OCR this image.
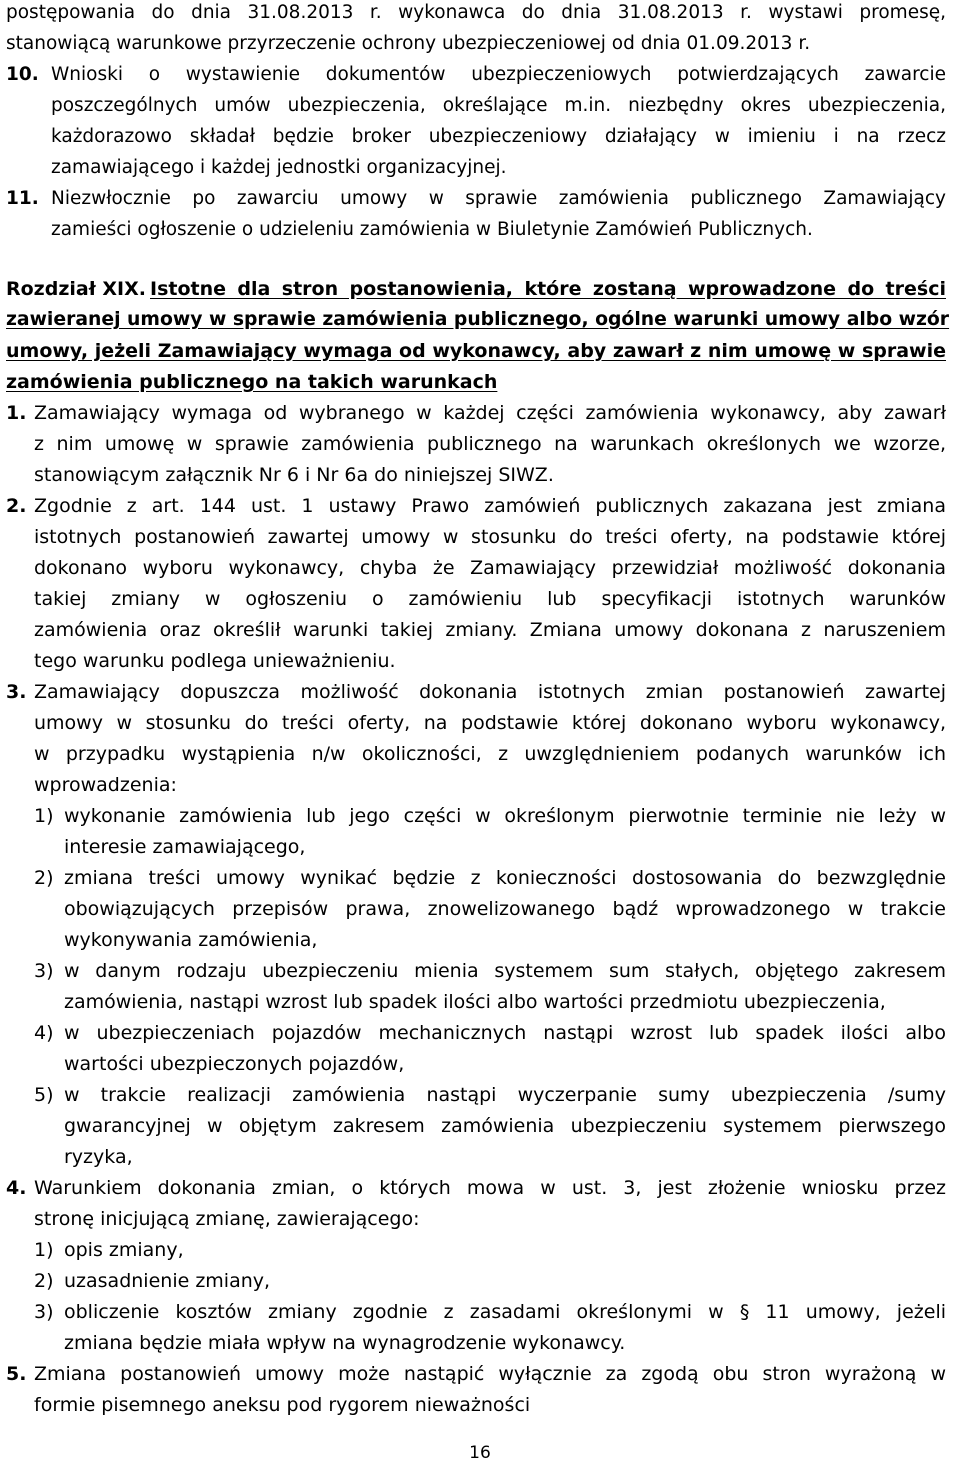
postępowania do dnia 31.08.2013 r. wykonawca do dnia 31.08.2013 r. wystawi promesę,
stanowiącą warunkowe przyrzeczenie ochrony ubezpieczeniowej od dnia 01.09.2013 r.
10. Wnioski o wystawienie dokumentów ubezpieczeniowych potwierdzających zawarcie
poszczególnych umów ubezpieczenia, określające m.in. niezbędny okres ubezpieczenia,
każdorazowo składał będzie broker ubezpieczeniowy działający w imieniu i na rzecz
zamawiającego i każdej jednostki organizacyjnej.
11. Niezwłocznie po zawarciu umowy w sprawie zamówienia publicznego Zamawiający
zamieści ogłoszenie o udzieleniu zamówienia w Biuletynie Zamówień Publicznych.
Rozdział XIX. Istotne dla stron postanowienia, które zostaną wprowadzone do treści
zawieranej umowy w sprawie zamówienia publicznego, ogólne warunki umowy albo wzór
umowy, jeżeli Zamawiający wymaga od wykonawcy, aby zawarł z nim umowę w sprawie
zamówienia publicznego na takich warunkach
1. Zamawiający wymaga od wybranego w każdej części zamówienia wykonawcy, aby zawarł
z nim umowę w sprawie zamówienia publicznego na warunkach określonych we wzorze,
stanowiącym załącznik Nr 6 i Nr 6a do niniejszej SIWZ.
2. Zgodnie z art. 144 ust. 1 ustawy Prawo zamówień publicznych zakazana jest zmiana
istotnych postanowień zawartej umowy w stosunku do treści oferty, na podstawie której
dokonano wyboru wykonawcy, chyba że Zamawiający przewidział możliwość dokonania
takiej zmiany w ogłoszeniu o zamówieniu lub specyfikacji istotnych warunków
zamówienia oraz określił warunki takiej zmiany. Zmiana umowy dokonana z naruszeniem
tego warunku podlega unieważnieniu.
3. Zamawiający dopuszcza możliwość dokonania istotnych zmian postanowień zawartej
umowy w stosunku do treści oferty, na podstawie której dokonano wyboru wykonawcy,
w przypadku wystąpienia n/w okoliczności, z uwzględnieniem podanych warunków ich
wprowadzenia:
1) wykonanie zamówienia lub jego części w określonym pierwotnie terminie nie leży w
interesie zamawiającego,
2) zmiana treści umowy wynikać będzie z konieczności dostosowania do bezwzględnie
obowiązujących przepisów prawa, znowelizowanego bądź wprowadzonego w trakcie
wykonywania zamówienia,
3) w danym rodzaju ubezpieczeniu mienia systemem sum stałych, objętego zakresem
zamówienia, nastąpi wzrost lub spadek ilości albo wartości przedmiotu ubezpieczenia,
4) w ubezpieczeniach pojazdów mechanicznych nastąpi wzrost lub spadek ilości albo
wartości ubezpieczonych pojazdów,
5) w trakcie realizacji zamówienia nastąpi wyczerpanie sumy ubezpieczenia /sumy
gwarancyjnej w objętym zakresem zamówienia ubezpieczeniu systemem pierwszego
ryzyka,
4. Warunkiem dokonania zmian, o których mowa w ust. 3, jest złożenie wniosku przez
stronę inicjującą zmianę, zawierającego:
1) opis zmiany,
2) uzasadnienie zmiany,
3) obliczenie kosztów zmiany zgodnie z zasadami określonymi w § 11 umowy, jeżeli
zmiana będzie miała wpływ na wynagrodzenie wykonawcy.
5. Zmiana postanowień umowy może nastąpić wyłącznie za zgodą obu stron wyrażoną w
formie pisemnego aneksu pod rygorem nieważności
16
